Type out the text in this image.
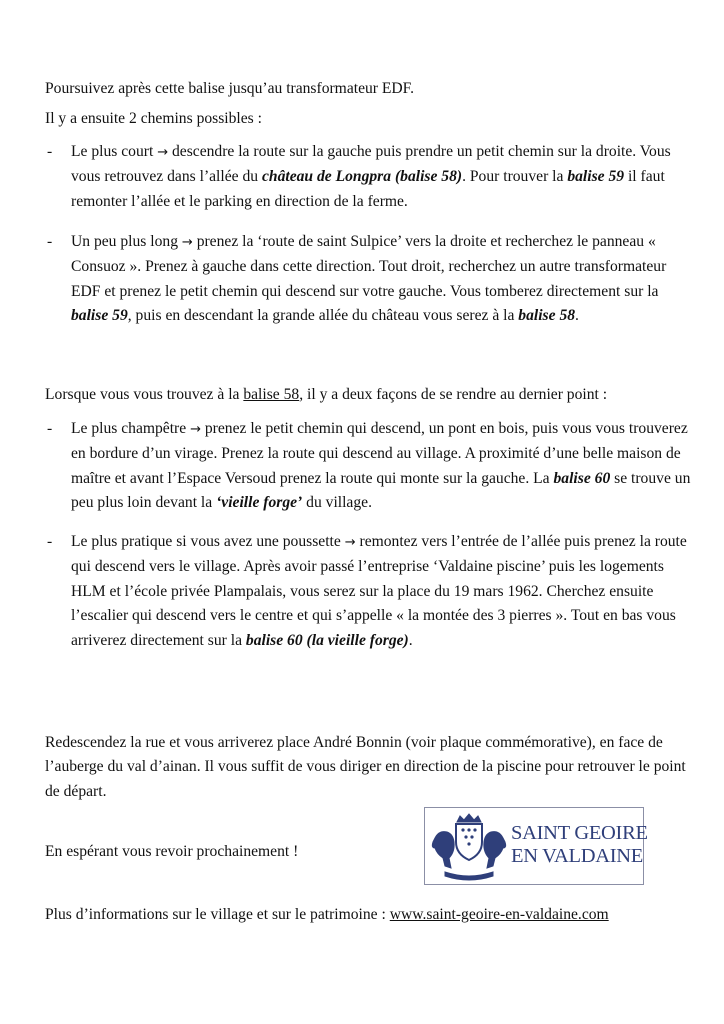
Poursuivez après cette balise jusqu’au transformateur EDF.

Il y a ensuite 2 chemins possibles :

- Le plus court → descendre la route sur la gauche puis prendre un petit chemin sur la droite. Vous vous retrouvez dans l’allée du château de Longpra (balise 58). Pour trouver la balise 59 il faut remonter l’allée et le parking en direction de la ferme.

- Un peu plus long → prenez la ‘route de saint Sulpice’ vers la droite et recherchez le panneau « Consuoz ». Prenez à gauche dans cette direction. Tout droit, recherchez un autre transformateur EDF et prenez le petit chemin qui descend sur votre gauche. Vous tomberez directement sur la balise 59, puis en descendant la grande allée du château vous serez à la balise 58.

Lorsque vous vous trouvez à la balise 58, il y a deux façons de se rendre au dernier point :

- Le plus champêtre → prenez le petit chemin qui descend, un pont en bois, puis vous vous trouverez en bordure d’un virage. Prenez la route qui descend au village. A proximité d’une belle maison de maître et avant l’Espace Versoud prenez la route qui monte sur la gauche. La balise 60 se trouve un peu plus loin devant la ‘vieille forge’ du village.

- Le plus pratique si vous avez une poussette → remontez vers l’entrée de l’allée puis prenez la route qui descend vers le village. Après avoir passé l’entreprise ‘Valdaine piscine’ puis les logements HLM et l’école privée Plampalais, vous serez sur la place du 19 mars 1962. Cherchez ensuite l’escalier qui descend vers le centre et qui s’appelle « la montée des 3 pierres ». Tout en bas vous arriverez directement sur la balise 60 (la vieille forge).

Redescendez la rue et vous arriverez place André Bonnin (voir plaque commémorative), en face de l’auberge du val d’ainan. Il vous suffit de vous diriger en direction de la piscine pour retrouver le point de départ.

En espérant vous revoir prochainement !

SAINT GEOIRE
EN VALDAINE

Plus d’informations sur le village et sur le patrimoine : www.saint-geoire-en-valdaine.com
